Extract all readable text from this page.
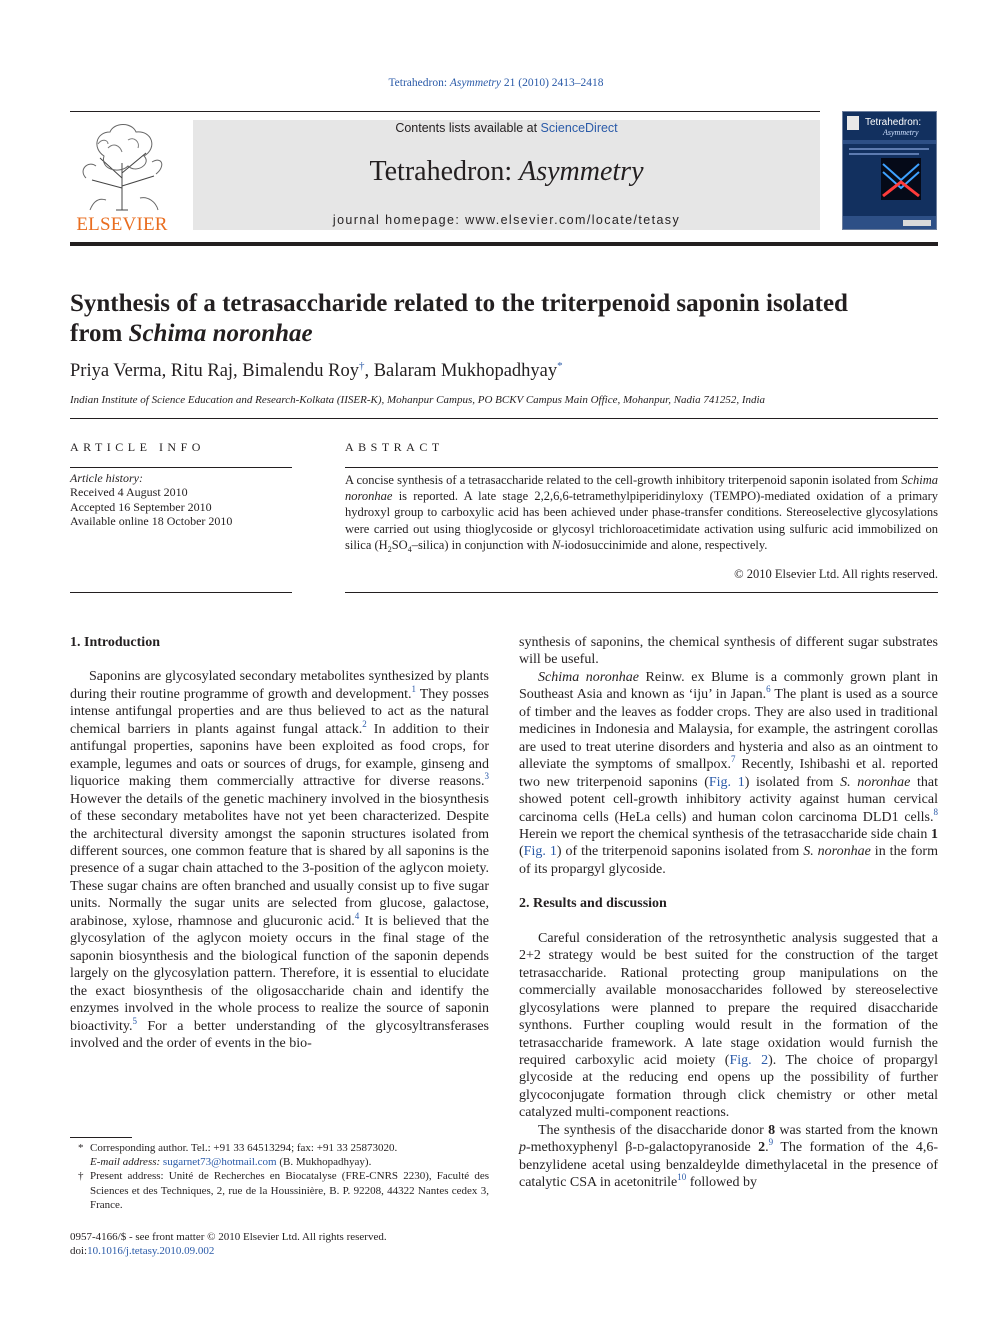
Tetrahedron: Asymmetry 21 (2010) 2413–2418
ELSEVIER
Contents lists available at ScienceDirect
Tetrahedron: Asymmetry
journal homepage: www.elsevier.com/locate/tetasy
Tetrahedron:
Asymmetry
Synthesis of a tetrasaccharide related to the triterpenoid saponin isolated
from Schima noronhae
Priya Verma, Ritu Raj, Bimalendu Roy†, Balaram Mukhopadhyay*
Indian Institute of Science Education and Research-Kolkata (IISER-K), Mohanpur Campus, PO BCKV Campus Main Office, Mohanpur, Nadia 741252, India
ARTICLE INFO
Article history:
Received 4 August 2010
Accepted 16 September 2010
Available online 18 October 2010
ABSTRACT
A concise synthesis of a tetrasaccharide related to the cell-growth inhibitory triterpenoid saponin isolated from Schima noronhae is reported. A late stage 2,2,6,6-tetramethylpiperidinyloxy (TEMPO)-mediated oxidation of a primary hydroxyl group to carboxylic acid has been achieved under phase-transfer conditions. Stereoselective glycosylations were carried out using thioglycoside or glycosyl trichloroacetimidate activation using sulfuric acid immobilized on silica $(H_2SO_4-silica)$ in conjunction with N-iodosuccinimide and alone, respectively.
© 2010 Elsevier Ltd. All rights reserved.
1. Introduction

Saponins are glycosylated secondary metabolites synthesized by plants during their routine programme of growth and development.$^1$ They posses intense antifungal properties and are thus believed to act as the natural chemical barriers in plants against fungal attack.$^2$ In addition to their antifungal properties, saponins have been exploited as food crops, for example, legumes and oats or sources of drugs, for example, ginseng and liquorice making them commercially attractive for diverse reasons.$^3$ However the details of the genetic machinery involved in the biosynthesis of these secondary metabolites have not yet been characterized. Despite the architectural diversity amongst the saponin structures isolated from different sources, one common feature that is shared by all saponins is the presence of a sugar chain attached to the 3-position of the aglycon moiety. These sugar chains are often branched and usually consist up to five sugar units. Normally the sugar units are selected from glucose, galactose, arabinose, xylose, rhamnose and glucuronic acid.$^4$ It is believed that the glycosylation of the aglycon moiety occurs in the final stage of the saponin biosynthesis and the biological function of the saponin depends largely on the glycosylation pattern. Therefore, it is essential to elucidate the exact biosynthesis of the oligosaccharide chain and identify the enzymes involved in the whole process to realize the source of saponin bioactivity.$^5$ For a better understanding of the glycosyltransferases involved and the order of events in the bio-

* Corresponding author. Tel.: +91 33 64513294; fax: +91 33 25873020.
E-mail address: sugarnet73@hotmail.com (B. Mukhopadhyay).
† Present address: Unité de Recherches en Biocatalyse (FRE-CNRS 2230), Faculté des Sciences et des Techniques, 2, rue de la Houssinière, B. P. 92208, 44322 Nantes cedex 3, France.
0957-4166/$ - see front matter © 2010 Elsevier Ltd. All rights reserved.
doi:10.1016/j.tetasy.2010.09.002

synthesis of saponins, the chemical synthesis of different sugar substrates will be useful.

Schima noronhae Reinw. ex Blume is a commonly grown plant in Southeast Asia and known as ‘iju’ in Japan.$^6$ The plant is used as a source of timber and the leaves as fodder crops. They are also used in traditional medicines in Indonesia and Malaysia, for example, the astringent corollas are used to treat uterine disorders and hysteria and also as an ointment to alleviate the symptoms of smallpox.$^7$ Recently, Ishibashi et al. reported two new triterpenoid saponins (Fig. 1) isolated from S. noronhae that showed potent cell-growth inhibitory activity against human cervical carcinoma cells (HeLa cells) and human colon carcinoma DLD1 cells.$^8$ Herein we report the chemical synthesis of the tetrasaccharide side chain 1 (Fig. 1) of the triterpenoid saponins isolated from S. noronhae in the form of its propargyl glycoside.

2. Results and discussion

Careful consideration of the retrosynthetic analysis suggested that a 2+2 strategy would be best suited for the construction of the target tetrasaccharide. Rational protecting group manipulations on the commercially available monosaccharides followed by stereoselective glycosylations were planned to prepare the required disaccharide synthons. Further coupling would result in the formation of the tetrasaccharide framework. A late stage oxidation would furnish the required carboxylic acid moiety (Fig. 2). The choice of propargyl glycoside at the reducing end opens up the possibility of further glycoconjugate formation through click chemistry or other metal catalyzed multi-component reactions.

The synthesis of the disaccharide donor 8 was started from the known p-methoxyphenyl β-d-galactopyranoside 2.$^9$ The formation of the 4,6-benzylidene acetal using benzaldeylde dimethylacetal in the presence of catalytic CSA in acetonitrile$^{10}$ followed by
